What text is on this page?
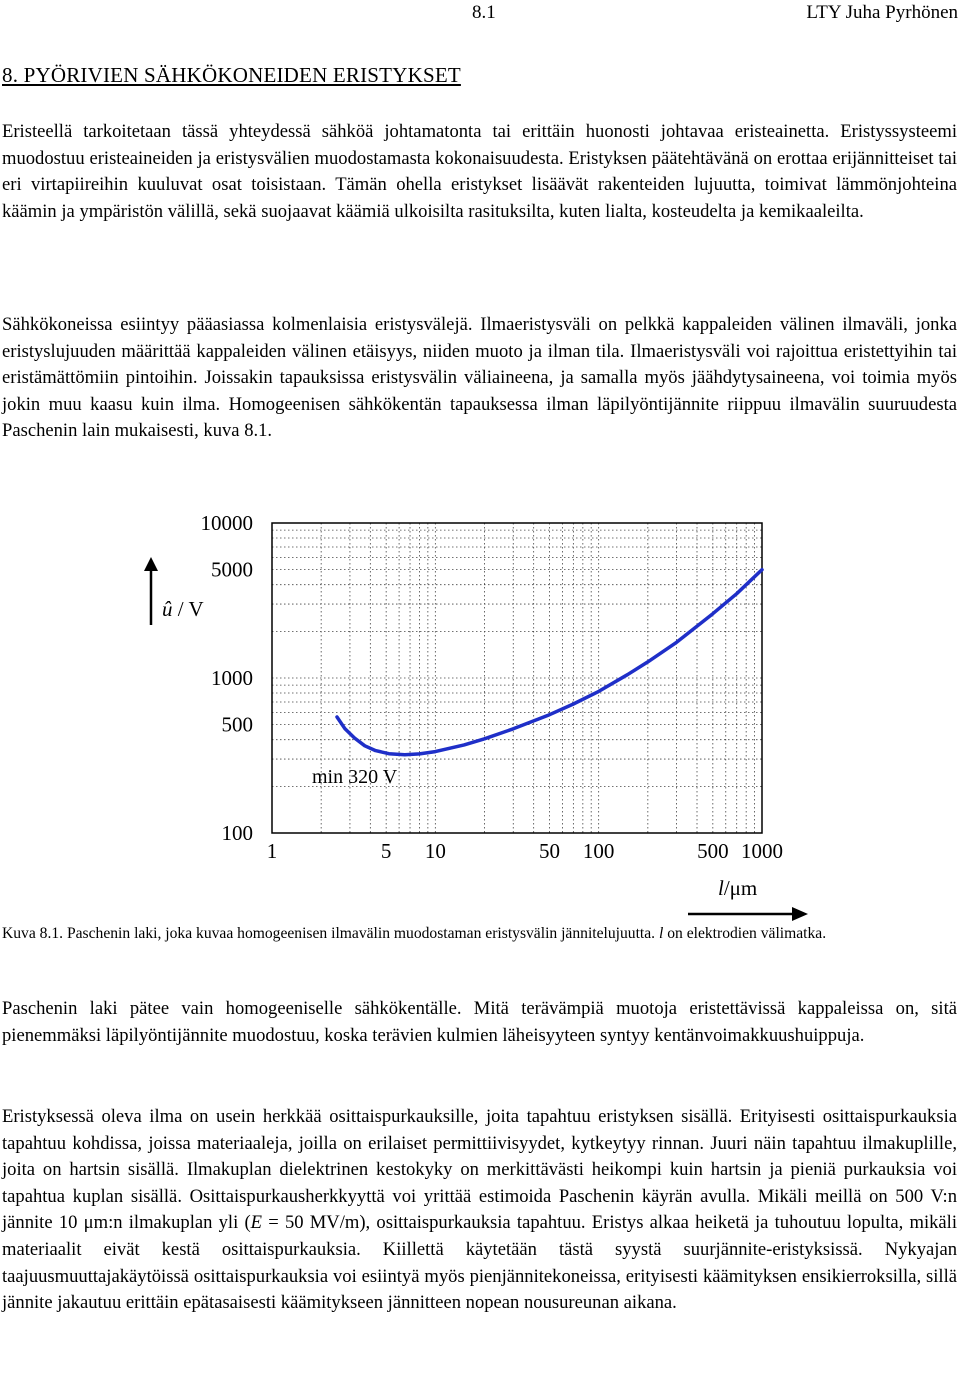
8.1	LTY Juha Pyrhönen
8. PYÖRIVIEN SÄHKÖKONEIDEN ERISTYKSET

Eristeellä tarkoitetaan tässä yhteydessä sähköä johtamatonta tai erittäin huonosti johtavaa eristeainetta. Eristyssysteemi muodostuu eristeaineiden ja eristysvälien muodostamasta kokonaisuudesta. Eristyksen päätehtävänä on erottaa erijännitteiset tai eri virtapiireihin kuuluvat osat toisistaan. Tämän ohella eristykset lisäävät rakenteiden lujuutta, toimivat lämmönjohteina käämin ja ympäristön välillä, sekä suojaavat käämiä ulkoisilta rasituksilta, kuten lialta, kosteudelta ja kemikaaleilta.

Sähkökoneissa esiintyy pääasiassa kolmenlaisia eristysvälejä. Ilmaeristysväli on pelkkä kappaleiden välinen ilmaväli, jonka eristyslujuuden määrittää kappaleiden välinen etäisyys, niiden muoto ja ilman tila. Ilmaeristysväli voi rajoittua eristettyihin tai eristämättömiin pintoihin. Joissakin tapauksissa eristysvälin väliaineena, ja samalla myös jäähdytysaineena, voi toimia myös jokin muu kaasu kuin ilma. Homogeenisen sähkökentän tapauksessa ilman läpilyöntijännite riippuu ilmavälin suuruudesta Paschenin lain mukaisesti, kuva 8.1.

100
500
1000
5000
10000
1	5 10	50 100	500 1000
min 320 V
û / V
l/μm

Kuva 8.1. Paschenin laki, joka kuvaa homogeenisen ilmavälin muodostaman eristysvälin jännitelujuutta. l on elektrodien välimatka.

Paschenin laki pätee vain homogeeniselle sähkökentälle. Mitä terävämpiä muotoja eristettävissä kappaleissa on, sitä pienemmäksi läpilyöntijännite muodostuu, koska terävien kulmien läheisyyteen syntyy kentänvoimakkuushuippuja.

Eristyksessä oleva ilma on usein herkkää osittaispurkauksille, joita tapahtuu eristyksen sisällä. Erityisesti osittaispurkauksia tapahtuu kohdissa, joissa materiaaleja, joilla on erilaiset permittiivisyydet, kytkeytyy rinnan. Juuri näin tapahtuu ilmakuplille, joita on hartsin sisällä. Ilmakuplan dielektrinen kestokyky on merkittävästi heikompi kuin hartsin ja pieniä purkauksia voi tapahtua kuplan sisällä. Osittaispurkausherkkyyttä voi yrittää estimoida Paschenin käyrän avulla. Mikäli meillä on 500 V:n jännite 10 μm:n ilmakuplan yli (E = 50 MV/m), osittaispurkauksia tapahtuu. Eristys alkaa heiketä ja tuhoutuu lopulta, mikäli materiaalit eivät kestä osittaispurkauksia. Kiillettä käytetään tästä syystä suurjännite-eristyksissä. Nykyajan taajuusmuuttajakäytöissä osittaispurkauksia voi esiintyä myös pienjännitekoneissa, erityisesti käämityksen ensikierroksilla, sillä jännite jakautuu erittäin epätasaisesti käämitykseen jännitteen nopean nousureunan aikana.
